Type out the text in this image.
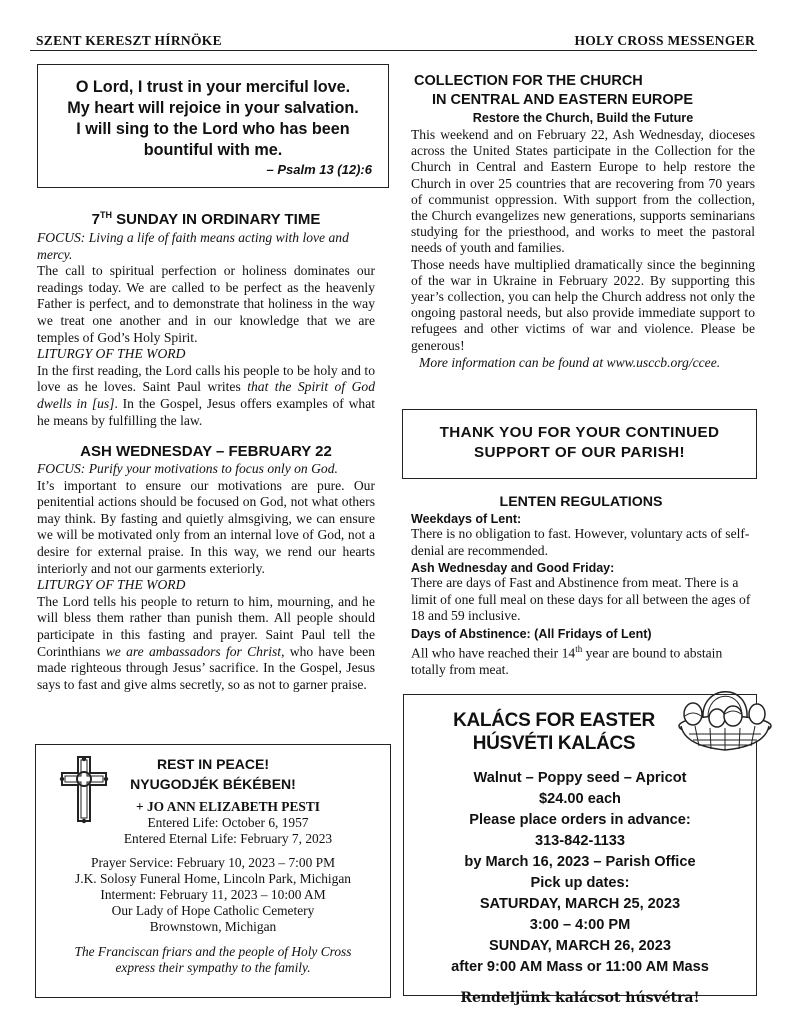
SZENT KERESZT HÍRNÖKE	HOLY CROSS MESSENGER
O Lord, I trust in your merciful love.
My heart will rejoice in your salvation.
I will sing to the Lord who has been
bountiful with me.
– Psalm 13 (12):6

7TH SUNDAY IN ORDINARY TIME

FOCUS: Living a life of faith means acting with love and mercy.

The call to spiritual perfection or holiness dominates our readings today. We are called to be perfect as the heavenly Father is perfect, and to demonstrate that holiness in the way we treat one another and in our knowledge that we are temples of God’s Holy Spirit.

LITURGY OF THE WORD

In the first reading, the Lord calls his people to be holy and to love as he loves. Saint Paul writes that the Spirit of God dwells in [us]. In the Gospel, Jesus offers examples of what he means by fulfilling the law.

ASH WEDNESDAY – FEBRUARY 22

FOCUS: Purify your motivations to focus only on God.

It’s important to ensure our motivations are pure. Our penitential actions should be focused on God, not what others may think. By fasting and quietly almsgiving, we can ensure we will be motivated only from an internal love of God, not a desire for external praise. In this way, we rend our hearts interiorly and not our garments exteriorly.

LITURGY OF THE WORD

The Lord tells his people to return to him, mourning, and he will bless them rather than punish them. All people should participate in this fasting and prayer. Saint Paul tell the Corinthians we are ambassadors for Christ, who have been made righteous through Jesus’ sacrifice. In the Gospel, Jesus says to fast and give alms secretly, so as not to garner praise.

REST IN PEACE!
NYUGODJÉK BÉKÉBEN!
+ JO ANN ELIZABETH PESTI
Entered Life: October 6, 1957
Entered Eternal Life: February 7, 2023
Prayer Service: February 10, 2023 – 7:00 PM
J.K. Solosy Funeral Home, Lincoln Park, Michigan
Interment: February 11, 2023 – 10:00 AM
Our Lady of Hope Catholic Cemetery
Brownstown, Michigan
The Franciscan friars and the people of Holy Cross
express their sympathy to the family.
COLLECTION FOR THE CHURCH
IN CENTRAL AND EASTERN EUROPE
Restore the Church, Build the Future

This weekend and on February 22, Ash Wednesday, dioceses across the United States participate in the Collection for the Church in Central and Eastern Europe to help restore the Church in over 25 countries that are recovering from 70 years of communist oppression. With support from the collection, the Church evangelizes new generations, supports seminarians studying for the priesthood, and works to meet the pastoral needs of youth and families.

Those needs have multiplied dramatically since the beginning of the war in Ukraine in February 2022. By supporting this year’s collection, you can help the Church address not only the ongoing pastoral needs, but also provide immediate support to refugees and other victims of war and violence. Please be generous!

More information can be found at www.usccb.org/ccee.

THANK YOU FOR YOUR CONTINUED
SUPPORT OF OUR PARISH!

LENTEN REGULATIONS

Weekdays of Lent:

There is no obligation to fast. However, voluntary acts of self-denial are recommended.

Ash Wednesday and Good Friday:

There are days of Fast and Abstinence from meat. There is a limit of one full meal on these days for all between the ages of 18 and 59 inclusive.

Days of Abstinence: (All Fridays of Lent)

All who have reached their 14th year are bound to abstain totally from meat.

KALÁCS FOR EASTER
HÚSVÉTI KALÁCS

Walnut – Poppy seed – Apricot

$24.00 each

Please place orders in advance:

313-842-1133

by March 16, 2023 – Parish Office

Pick up dates:

SATURDAY, MARCH 25, 2023

3:00 – 4:00 PM

SUNDAY, MARCH 26, 2023

after 9:00 AM Mass or 11:00 AM Mass

Rendeljünk kalácsot húsvétra!
